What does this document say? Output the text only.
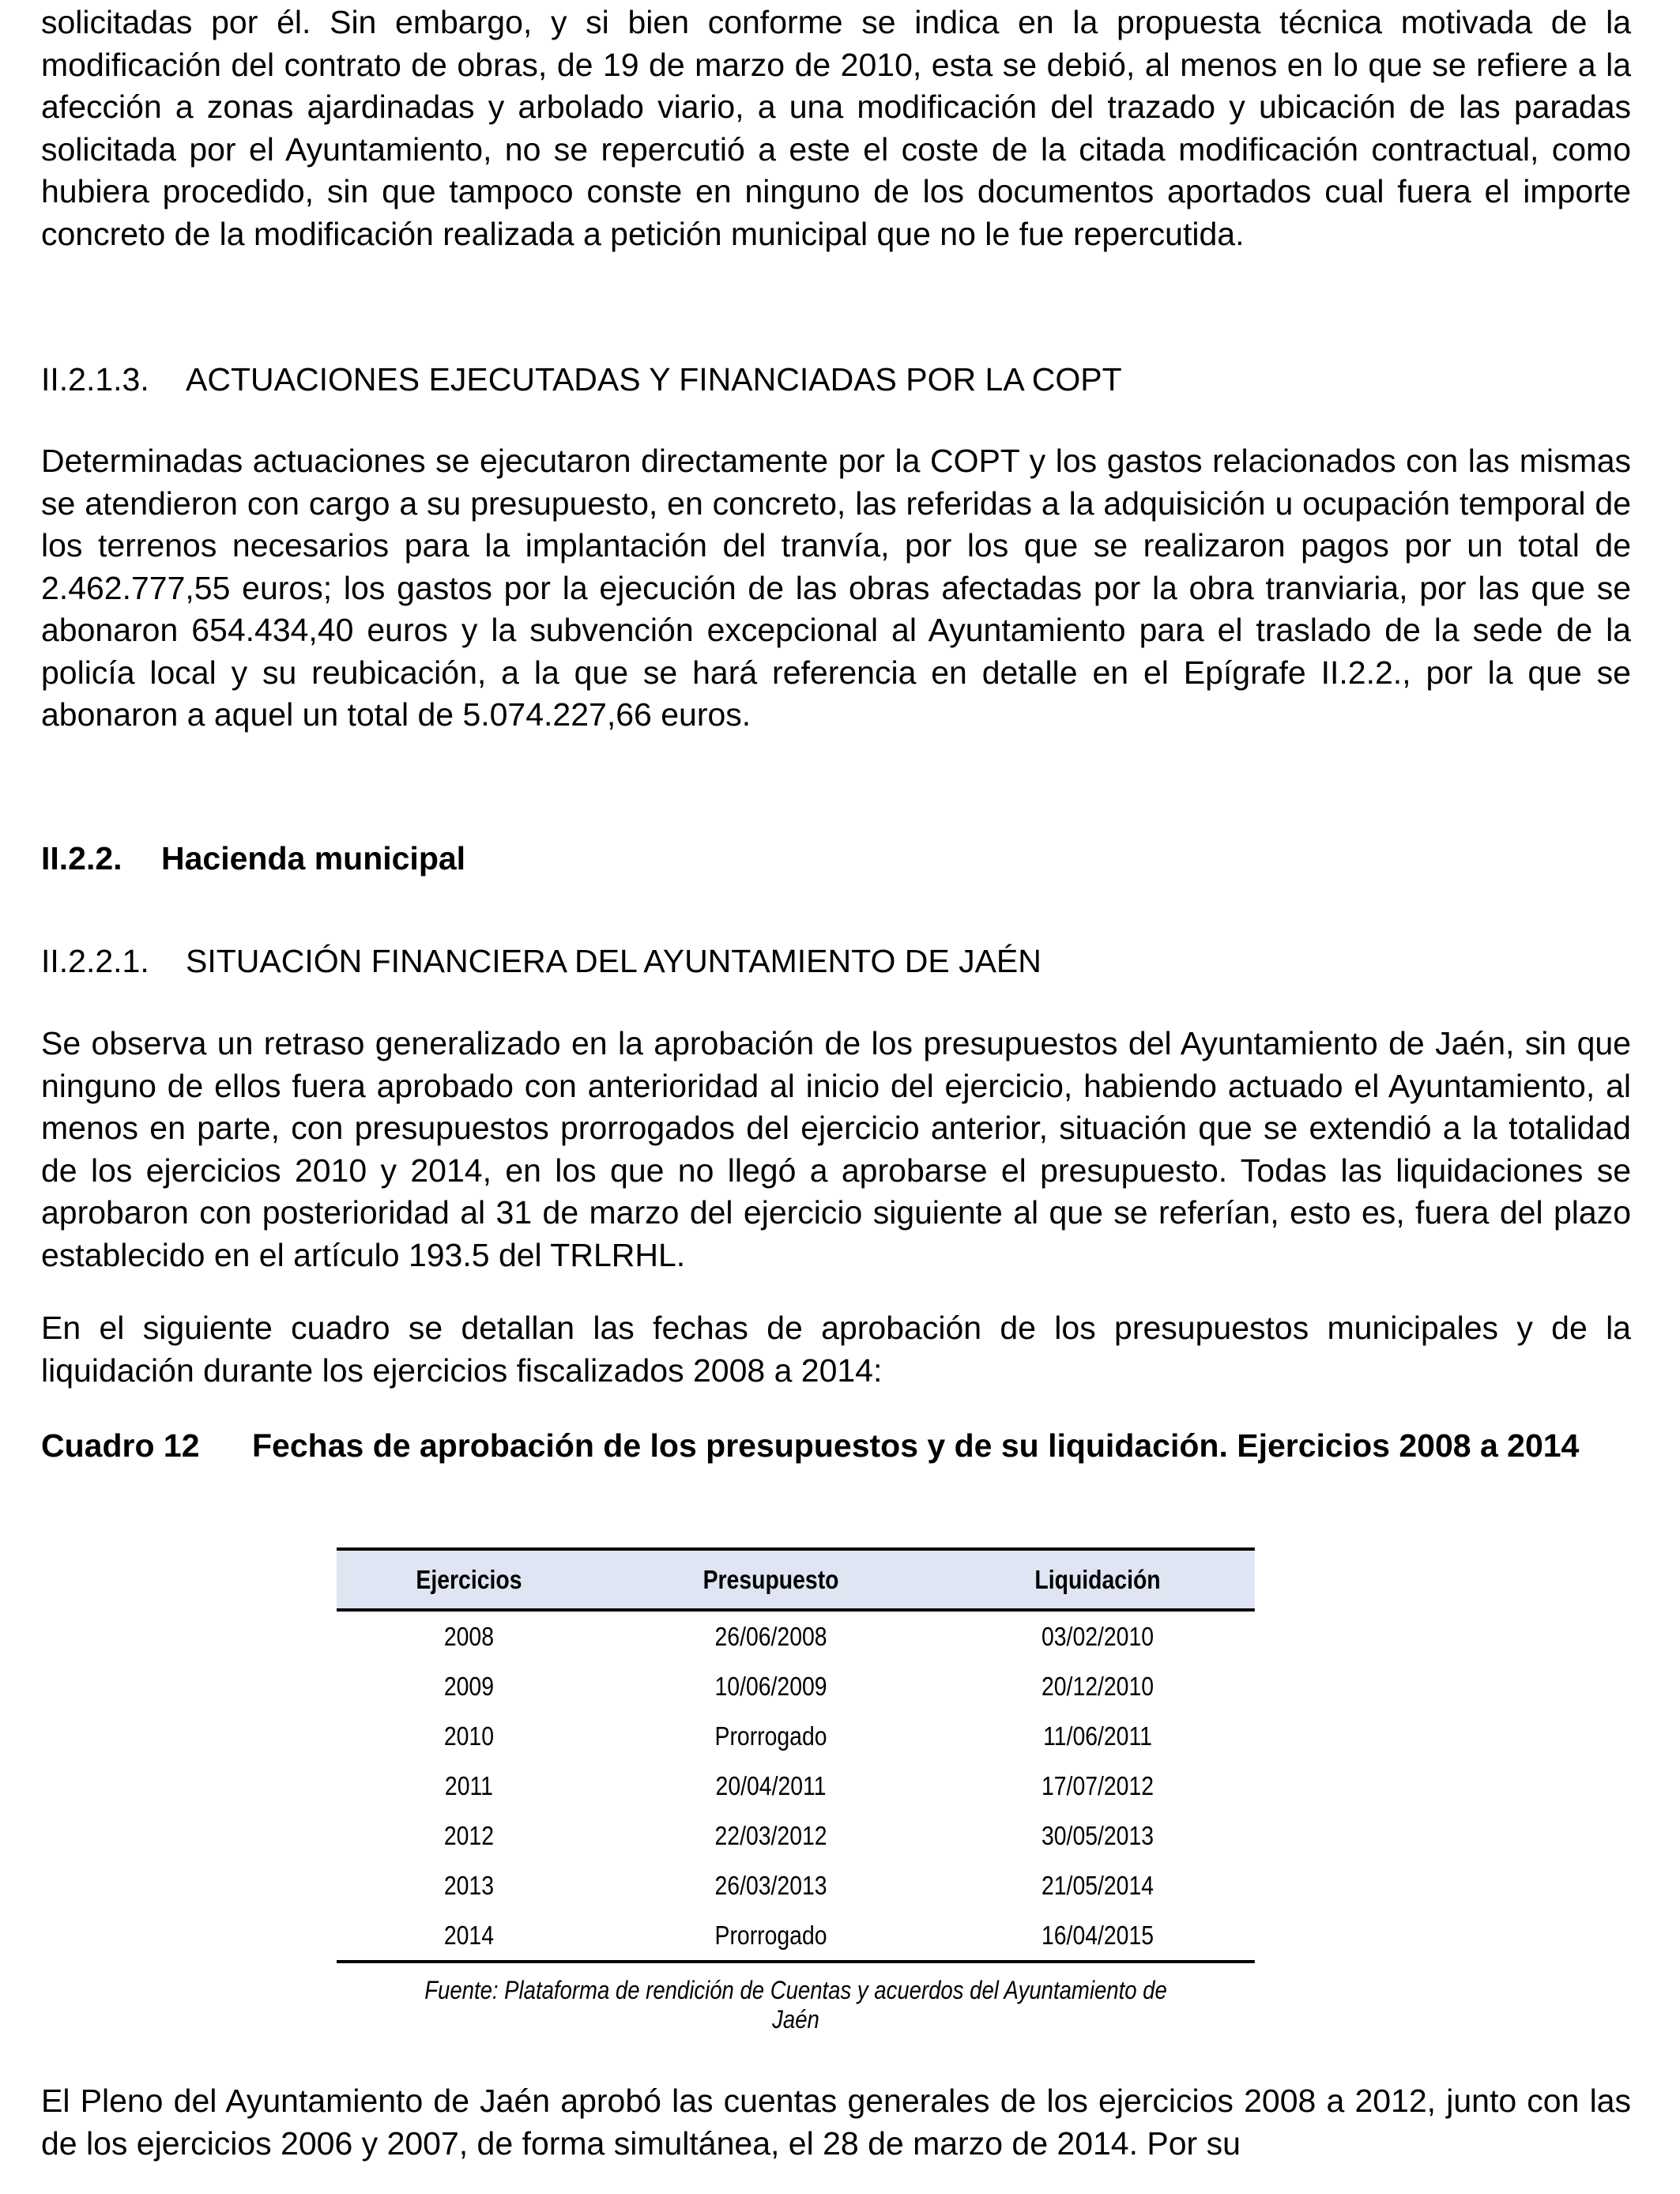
solicitadas por él. Sin embargo, y si bien conforme se indica en la propuesta técnica motivada de la modificación del contrato de obras, de 19 de marzo de 2010, esta se debió, al menos en lo que se refiere a la afección a zonas ajardinadas y arbolado viario, a una modificación del trazado y ubicación de las paradas solicitada por el Ayuntamiento, no se repercutió a este el coste de la citada modificación contractual, como hubiera procedido, sin que tampoco conste en ninguno de los documentos aportados cual fuera el importe concreto de la modificación realizada a petición municipal que no le fue repercutida.

II.2.1.3. ACTUACIONES EJECUTADAS Y FINANCIADAS POR LA COPT

Determinadas actuaciones se ejecutaron directamente por la COPT y los gastos relacionados con las mismas se atendieron con cargo a su presupuesto, en concreto, las referidas a la adquisición u ocupación temporal de los terrenos necesarios para la implantación del tranvía, por los que se realizaron pagos por un total de 2.462.777,55 euros; los gastos por la ejecución de las obras afectadas por la obra tranviaria, por las que se abonaron 654.434,40 euros y la subvención excepcional al Ayuntamiento para el traslado de la sede de la policía local y su reubicación, a la que se hará referencia en detalle en el Epígrafe II.2.2., por la que se abonaron a aquel un total de 5.074.227,66 euros.

II.2.2. Hacienda municipal
II.2.2.1. SITUACIÓN FINANCIERA DEL AYUNTAMIENTO DE JAÉN

Se observa un retraso generalizado en la aprobación de los presupuestos del Ayuntamiento de Jaén, sin que ninguno de ellos fuera aprobado con anterioridad al inicio del ejercicio, habiendo actuado el Ayuntamiento, al menos en parte, con presupuestos prorrogados del ejercicio anterior, situación que se extendió a la totalidad de los ejercicios 2010 y 2014, en los que no llegó a aprobarse el presupuesto. Todas las liquidaciones se aprobaron con posterioridad al 31 de marzo del ejercicio siguiente al que se referían, esto es, fuera del plazo establecido en el artículo 193.5 del TRLRHL.

En el siguiente cuadro se detallan las fechas de aprobación de los presupuestos municipales y de la liquidación durante los ejercicios fiscalizados 2008 a 2014:

Cuadro 12	Fechas de aprobación de los presupuestos y de su liquidación. Ejercicios 2008 a 2014
Ejercicios	Presupuesto	Liquidación
2008	26/06/2008	03/02/2010
2009	10/06/2009	20/12/2010
2010	Prorrogado	11/06/2011
2011	20/04/2011	17/07/2012
2012	22/03/2012	30/05/2013
2013	26/03/2013	21/05/2014
2014	Prorrogado	16/04/2015
Fuente: Plataforma de rendición de Cuentas y acuerdos del Ayuntamiento de Jaén

El Pleno del Ayuntamiento de Jaén aprobó las cuentas generales de los ejercicios 2008 a 2012, junto con las de los ejercicios 2006 y 2007, de forma simultánea, el 28 de marzo de 2014. Por su
